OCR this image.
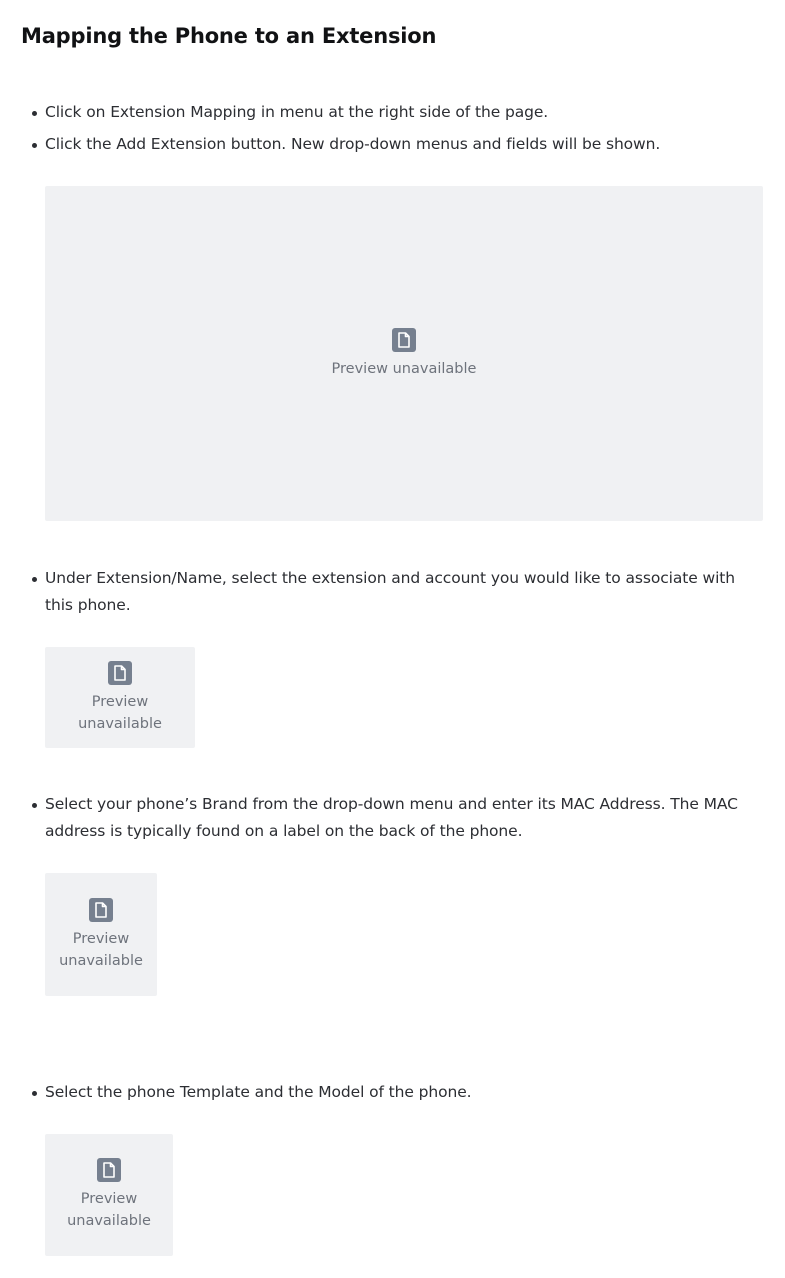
Mapping the Phone to an Extension
Click on Extension Mapping in menu at the right side of the page.
Click the Add Extension button. New drop-down menus and fields will be shown.
Preview unavailable
Under Extension/Name, select the extension and account you would like to associate with this phone.
Preview unavailable
Select your phone’s Brand from the drop-down menu and enter its MAC Address. The MAC address is typically found on a label on the back of the phone.
Preview unavailable
Select the phone Template and the Model of the phone.
Preview unavailable
